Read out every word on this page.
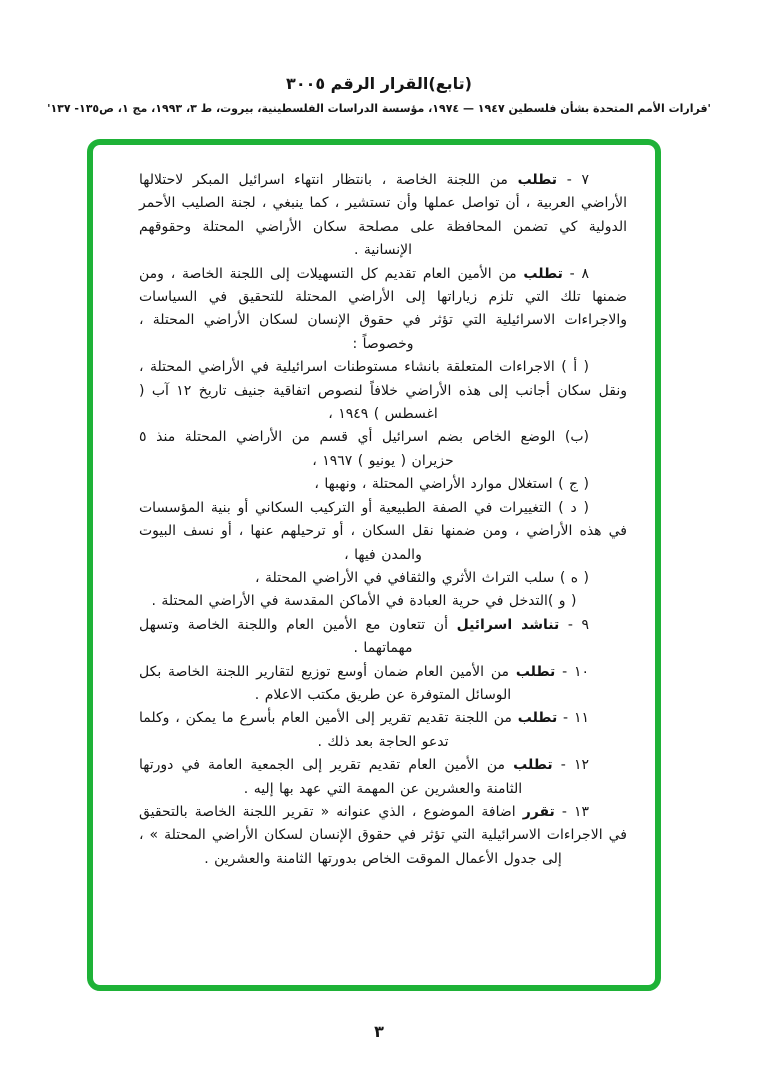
(تابع)القرار الرقم ٣٠٠٥
'قرارات الأمم المتحدة بشأن فلسطين ١٩٤٧ — ١٩٧٤، مؤسسة الدراسات الفلسطينية، بيروت، ط ٣، ١٩٩٣، مج ١، ص١٣٥- ١٣٧'

٧ - تطلب من اللجنة الخاصة ، بانتظار انتهاء اسرائيل المبكر لاحتلالها الأراضي العربية ، أن تواصل عملها وأن تستشير ، كما ينبغي ، لجنة الصليب الأحمر الدولية كي تضمن المحافظة على مصلحة سكان الأراضي المحتلة وحقوقهم الإنسانية .

٨ - تطلب من الأمين العام تقديم كل التسهيلات إلى اللجنة الخاصة ، ومن ضمنها تلك التي تلزم زياراتها إلى الأراضي المحتلة للتحقيق في السياسات والاجراءات الاسرائيلية التي تؤثر في حقوق الإنسان لسكان الأراضي المحتلة ، وخصوصاً :

( أ ) الاجراءات المتعلقة بانشاء مستوطنات اسرائيلية في الأراضي المحتلة ، ونقل سكان أجانب إلى هذه الأراضي خلافاً لنصوص اتفاقية جنيف تاريخ ١٢ آب ( اغسطس ) ١٩٤٩ ،

(ب) الوضع الخاص بضم اسرائيل أي قسم من الأراضي المحتلة منذ ٥ حزيران ( يونيو ) ١٩٦٧ ،

( ج ) استغلال موارد الأراضي المحتلة ، ونهبها ،

( د ) التغييرات في الصفة الطبيعية أو التركيب السكاني أو بنية المؤسسات في هذه الأراضي ، ومن ضمنها نقل السكان ، أو ترحيلهم عنها ، أو نسف البيوت والمدن فيها ،

( ه ) سلب التراث الأثري والثقافي في الأراضي المحتلة ،

( و )التدخل في حرية العبادة في الأماكن المقدسة في الأراضي المحتلة .

٩ - تناشد اسرائيل أن تتعاون مع الأمين العام واللجنة الخاصة وتسهل مهماتهما .

١٠ - تطلب من الأمين العام ضمان أوسع توزيع لتقارير اللجنة الخاصة بكل الوسائل المتوفرة عن طريق مكتب الاعلام .

١١ - تطلب من اللجنة تقديم تقرير إلى الأمين العام بأسرع ما يمكن ، وكلما تدعو الحاجة بعد ذلك .

١٢ - تطلب من الأمين العام تقديم تقرير إلى الجمعية العامة في دورتها الثامنة والعشرين عن المهمة التي عهد بها إليه .

١٣ - تقرر اضافة الموضوع ، الذي عنوانه « تقرير اللجنة الخاصة بالتحقيق في الاجراءات الاسرائيلية التي تؤثر في حقوق الإنسان لسكان الأراضي المحتلة » ، إلى جدول الأعمال الموقت الخاص بدورتها الثامنة والعشرين .

٣
